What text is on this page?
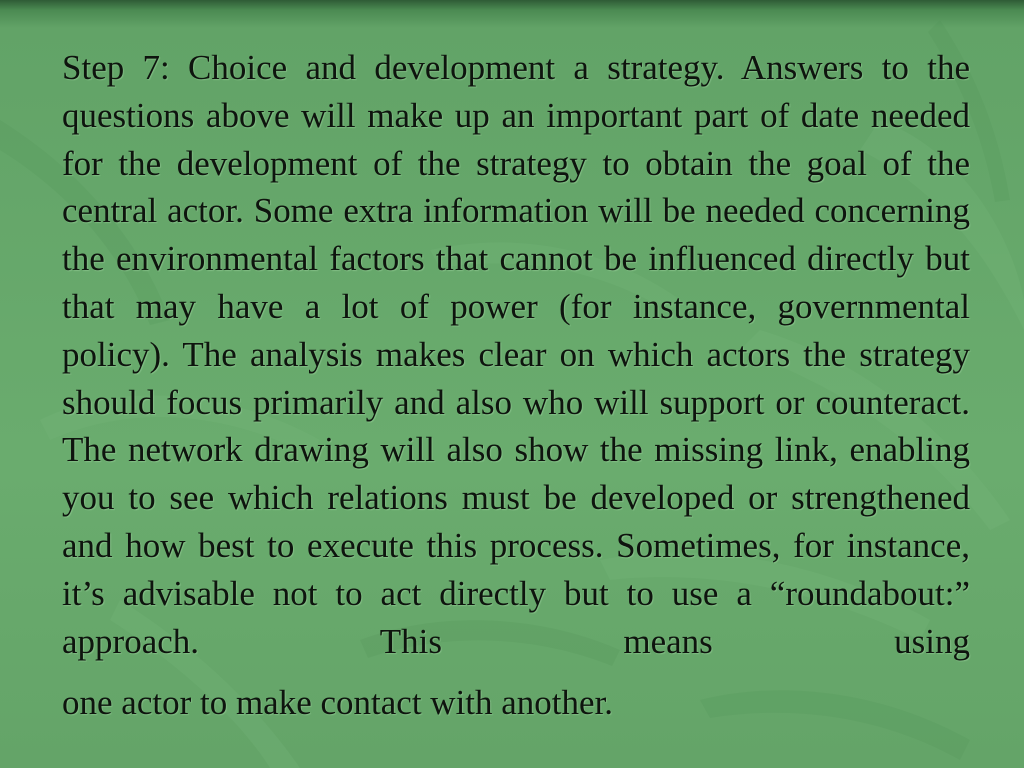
Step 7: Choice and development a strategy. Answers to the questions above will make up an important part of date needed for the development of the strategy to obtain the goal of the central actor. Some extra information will be needed concerning the environmental factors that cannot be influenced directly but that may have a lot of power (for instance, governmental policy). The analysis makes clear on which actors the strategy should focus primarily and also who will support or counteract. The network drawing will also show the missing link, enabling you to see which relations must be developed or strengthened and how best to execute this process. Sometimes, for instance, it’s advisable not to act directly but to use a “roundabout:” approach. This means using
one actor to make contact with another.
